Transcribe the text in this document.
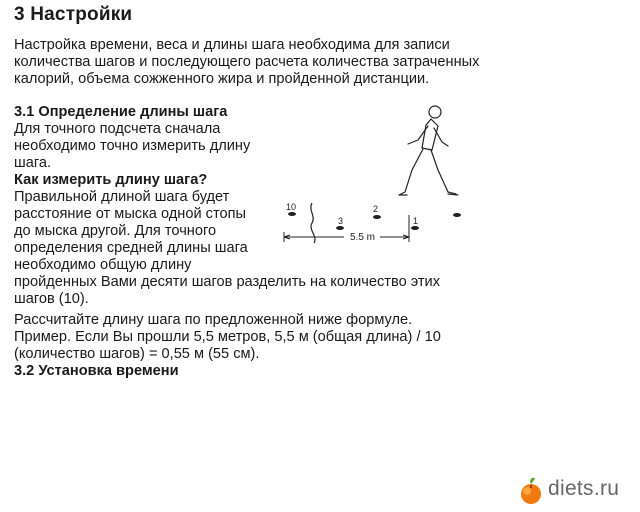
3 Настройки

Настройка времени, веса и длины шага необходима для записи количества шагов и последующего расчета количества затраченных калорий, объема сожженного жира и пройденной дистанции.

3.1 Определение длины шага

Для точного подсчета сначала необходимо точно измерить длину шага.

Как измерить длину шага?
Правильной длиной шага будет
расстояние от мыска одной стопы
до мыска другой. Для точного
определения средней длины шага
необходимо общую длину
пройденных Вами десяти шагов разделить на количество этих
шагов (10).

Рассчитайте длину шага по предложенной ниже формуле. Пример. Если Вы прошли 5,5 метров, 5,5 м (общая длина) / 10 (количество шагов) = 0,55 м (55 см).

3.2 Установка времени
10
3
2
1
5.5 m
diets.ru
